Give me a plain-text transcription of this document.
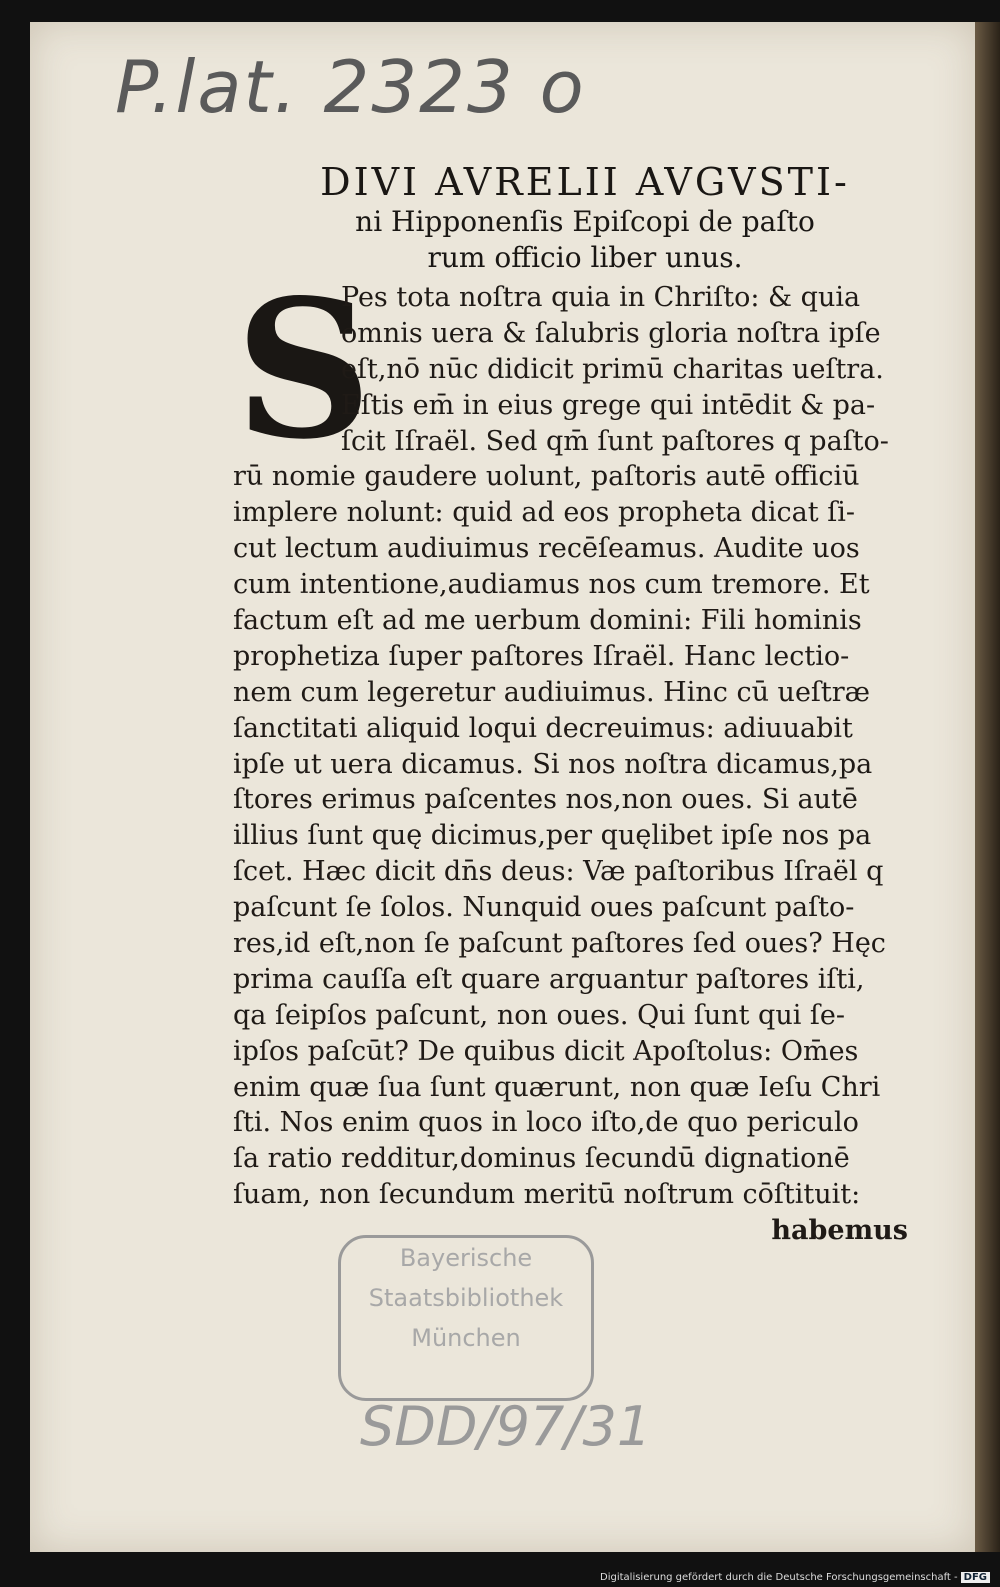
P.lat. 2323 o
DIVI AVRELII AVGVSTI-
ni Hipponenſis Epiſcopi de paſto
rum officio liber unus.
S
Pes tota noſtra quia in Chriſto: & quia
omnis uera & ſalubris gloria noſtra ipſe
eſt,nō nūc didicit primū charitas ueſtra.
Eſtis em̄ in eius grege qui intēdit & pa-
ſcit Iſraël. Sed qm̄ ſunt paſtores q paſto-
rū nomie gaudere uolunt, paſtoris autē officiū
implere nolunt: quid ad eos propheta dicat ſi-
cut lectum audiuimus recēſeamus. Audite uos
cum intentione,audiamus nos cum tremore. Et
factum eſt ad me uerbum domini: Fili hominis
prophetiza ſuper paſtores Iſraël. Hanc lectio-
nem cum legeretur audiuimus. Hinc cū ueſtræ
ſanctitati aliquid loqui decreuimus: adiuuabit
ipſe ut uera dicamus. Si nos noſtra dicamus,pa
ſtores erimus paſcentes nos,non oues. Si autē
illius ſunt quę dicimus,per quęlibet ipſe nos pa
ſcet. Hæc dicit dn̄s deus: Væ paſtoribus Iſraël q
paſcunt ſe ſolos. Nunquid oues paſcunt paſto-
res,id eſt,non ſe paſcunt paſtores ſed oues? Hęc
prima cauſſa eſt quare arguantur paſtores iſti,
qa ſeipſos paſcunt, non oues. Qui ſunt qui ſe-
ipſos paſcūt? De quibus dicit Apoſtolus: Om̄es
enim quæ ſua ſunt quærunt, non quæ Ieſu Chri
ſti. Nos enim quos in loco iſto,de quo periculo
ſa ratio redditur,dominus ſecundū dignationē
ſuam, non ſecundum meritū noſtrum cōſtituit:
habemus
Bayerische
Staatsbibliothek
München
SDD/97/31
Digitalisierung gefördert durch die Deutsche Forschungsgemeinschaft - DFG
